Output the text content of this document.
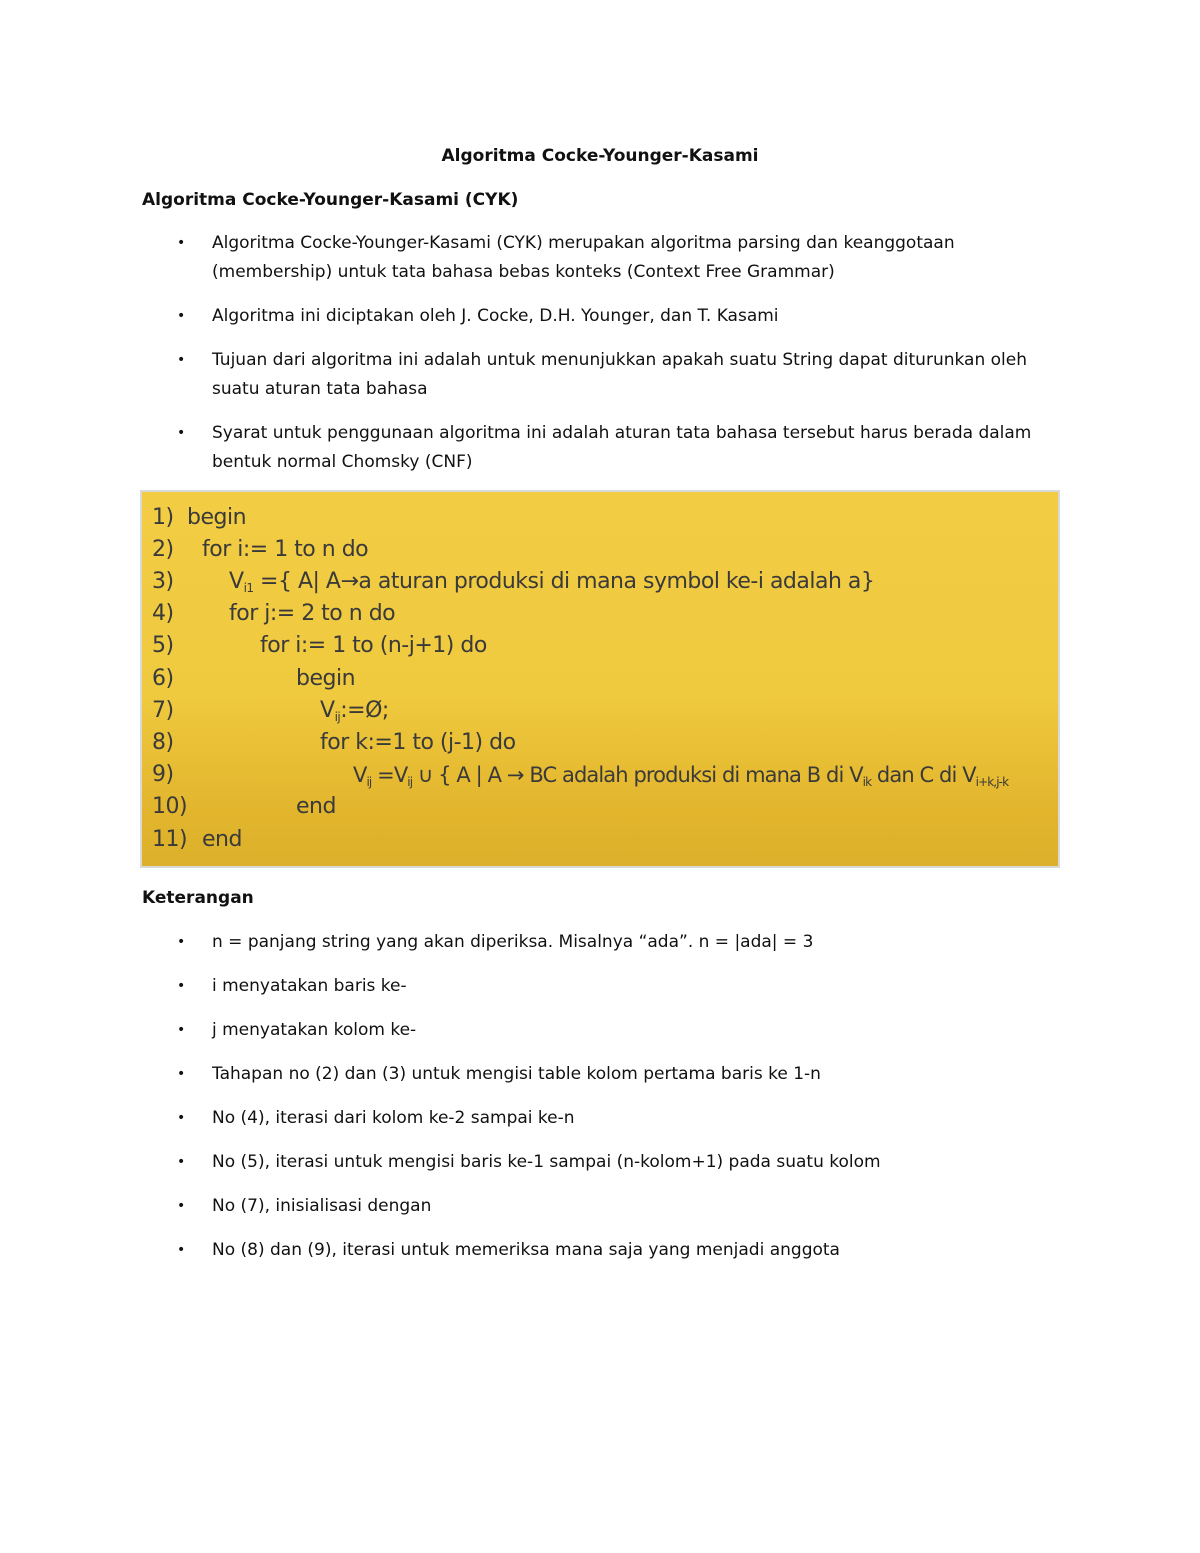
Algoritma Cocke-Younger-Kasami
Algoritma Cocke-Younger-Kasami (CYK)
• Algoritma Cocke-Younger-Kasami (CYK) merupakan algoritma parsing dan keanggotaan (membership) untuk tata bahasa bebas konteks (Context Free Grammar)
• Algoritma ini diciptakan oleh J. Cocke, D.H. Younger, dan T. Kasami
• Tujuan dari algoritma ini adalah untuk menunjukkan apakah suatu String dapat diturunkan oleh suatu aturan tata bahasa
• Syarat untuk penggunaan algoritma ini adalah aturan tata bahasa tersebut harus berada dalam bentuk normal Chomsky (CNF)
1) begin
2)	for i:= 1 to n do
3)	$V_{i1}$ ={ A| A→a aturan produksi di mana symbol ke-i adalah a}
4)	for j:= 2 to n do
5)	for i:= 1 to (n-j+1) do
6)	begin
7)	$V_{ij}:=Ø$;
8)	for k:=1 to (j-1) do
9)	$V_{ij} =V_{ij}$ ∪ { A | A → BC adalah produksi di mana B di $V_{ik}$ dan C di $V_{i+k,j-k}$
10)	end
11) end
Keterangan
• n = panjang string yang akan diperiksa. Misalnya “ada”. n = |ada| = 3
• i menyatakan baris ke-
• j menyatakan kolom ke-
• Tahapan no (2) dan (3) untuk mengisi table kolom pertama baris ke 1-n
• No (4), iterasi dari kolom ke-2 sampai ke-n
• No (5), iterasi untuk mengisi baris ke-1 sampai (n-kolom+1) pada suatu kolom
• No (7), inisialisasi dengan
• No (8) dan (9), iterasi untuk memeriksa mana saja yang menjadi anggota
